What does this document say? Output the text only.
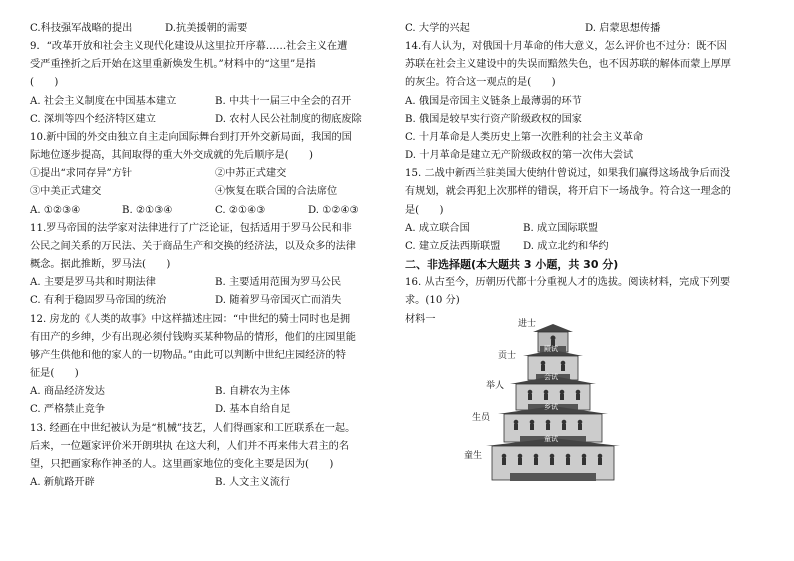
C.科技强军战略的提出	D.抗美援朝的需要
9．“改革开放和社会主义现代化建设从这里拉开序幕……社会主义在遭
受严重挫折之后开始在这里重新焕发生机。”材料中的“这里”是指
(　　)
A. 社会主义制度在中国基本建立	B. 中共十一届三中全会的召开
C. 深圳等四个经济特区建立	D. 农村人民公社制度的彻底废除
10.新中国的外交由独立自主走向国际舞台到打开外交新局面，我国的国
际地位逐步提高，其间取得的重大外交成就的先后顺序是(　　)
①提出“求同存异”方针	②中苏正式建交
③中美正式建交	④恢复在联合国的合法席位
A. ①②③④	B. ②①③④	C. ②①④③	D. ①②④③
11.罗马帝国的法学家对法律进行了广泛论证，包括适用于罗马公民和非
公民之间关系的万民法、关于商品生产和交换的经济法，以及众多的法律
概念。据此推断，罗马法(　　)
A. 主要是罗马共和时期法律	B. 主要适用范围为罗马公民
C. 有利于稳固罗马帝国的统治	D. 随着罗马帝国灭亡而消失
12. 房龙的《人类的故事》中这样描述庄园：“中世纪的骑士同时也是拥
有田产的乡绅，少有出现必须付钱购买某种物品的情形，他们的庄园里能
够产生供他和他的家人的一切物品。”由此可以判断中世纪庄园经济的特
征是(　　)
A. 商品经济发达	B. 自耕农为主体
C. 严格禁止竞争	D. 基本自给自足
13. 经画在中世纪被认为是“机械”技艺，人们得画家和工匠联系在一起。
后来，一位题家评价米开朗琪执 在这大利，人们并不再来伟大君主的名
望，只把画家称作神圣的人。这里画家地位的变化主要是因为(　　)
A. 新航路开辟	B. 人文主义流行
C. 大学的兴起	D. 启蒙思想传播
14.有人认为，对俄国十月革命的伟大意义，怎么评价也不过分：既不因
苏联在社会主义建设中的失误而黯然失色，也不因苏联的解体而蒙上厚厚
的灰尘。符合这一观点的是(　　)
A. 俄国是帝国主义链条上最薄弱的环节
B. 俄国是较早实行资产阶级政权的国家
C. 十月革命是人类历史上第一次胜利的社会主义革命
D. 十月革命是建立无产阶级政权的第一次伟大尝试
15. 二战中新西兰驻美国大使纳什曾说过，如果我们赢得这场战争后而没
有规划，就会再犯上次那样的错误，将开启下一场战争。符合这一理念的
是(　　)
A. 成立联合国	B. 成立国际联盟
C. 建立反法西斯联盟 D. 成立北约和华约
二、非选择题(本大题共 3 小题，共 30 分)
16. 从古至今，历朝历代都十分重视人才的选拔。阅读材料，完成下列要
求。(10 分)
材料一
殿试
会试
乡试
童试
进士
贡士
举人
生员
童生
